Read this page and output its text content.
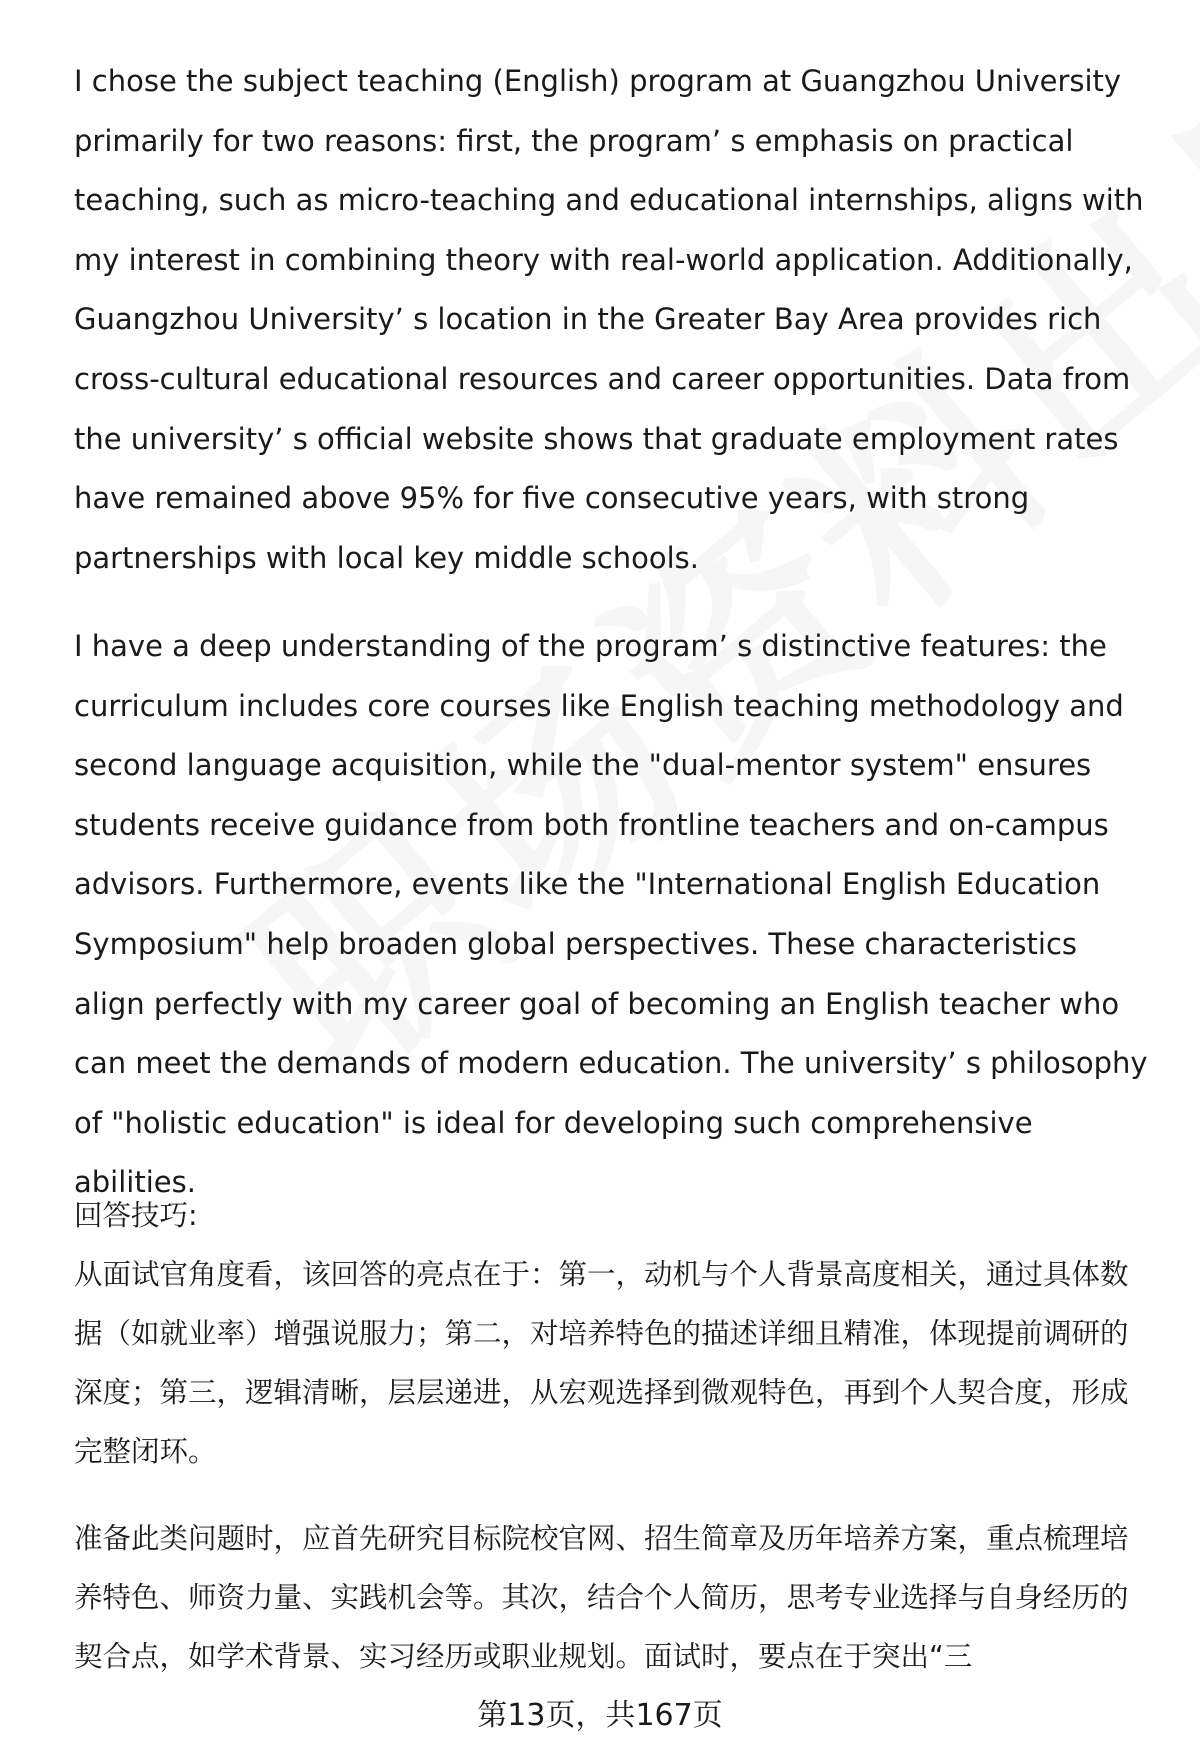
I chose the subject teaching (English) program at Guangzhou University primarily for two reasons: first, the program’ s emphasis on practical teaching, such as micro-teaching and educational internships, aligns with my interest in combining theory with real-world application. Additionally, Guangzhou University’ s location in the Greater Bay Area provides rich cross-cultural educational resources and career opportunities. Data from the university’ s official website shows that graduate employment rates have remained above 95% for five consecutive years, with strong partnerships with local key middle schools.

I have a deep understanding of the program’ s distinctive features: the curriculum includes core courses like English teaching methodology and second language acquisition, while the "dual-mentor system" ensures students receive guidance from both frontline teachers and on-campus advisors. Furthermore, events like the "International English Education Symposium" help broaden global perspectives. These characteristics align perfectly with my career goal of becoming an English teacher who can meet the demands of modern education. The university’ s philosophy of "holistic education" is ideal for developing such comprehensive abilities.

回答技巧:

从面试官角度看，该回答的亮点在于：第一，动机与个人背景高度相关，通过具体数据（如就业率）增强说服力；第二，对培养特色的描述详细且精准，体现提前调研的深度；第三，逻辑清晰，层层递进，从宏观选择到微观特色，再到个人契合度，形成完整闭环。

准备此类问题时，应首先研究目标院校官网、招生简章及历年培养方案，重点梳理培养特色、师资力量、实践机会等。其次，结合个人简历，思考专业选择与自身经历的契合点，如学术背景、实习经历或职业规划。面试时，要点在于突出“三

第13页，共167页
